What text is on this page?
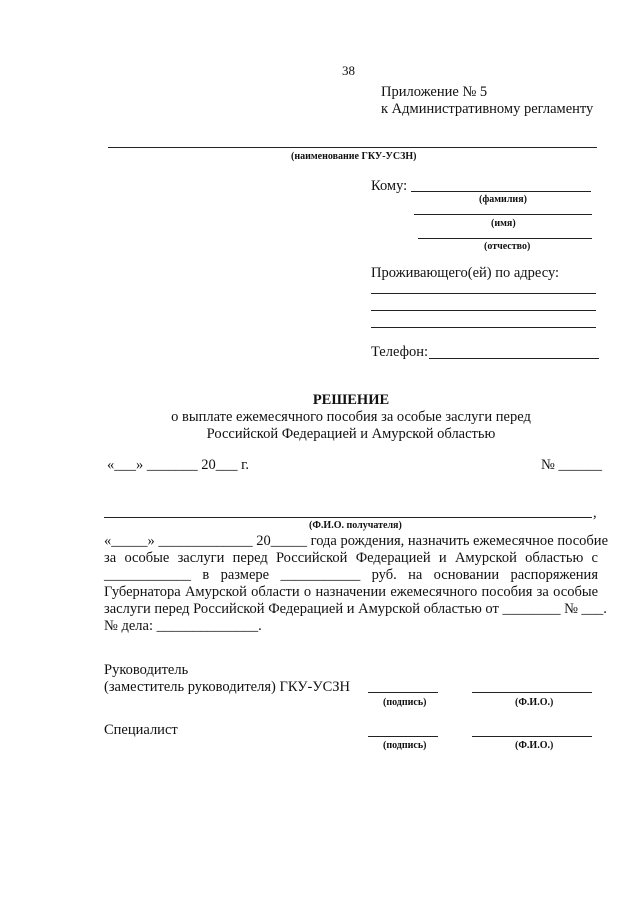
38
Приложение № 5
к Административному регламенту
(наименование ГКУ-УСЗН)
Кому:
(фамилия)
(имя)
(отчество)
Проживающего(ей) по адресу:
Телефон:
РЕШЕНИЕ
о выплате ежемесячного пособия за особые заслуги перед
Российской Федерацией и Амурской областью
«___» _______ 20___ г.	№ ______
,
(Ф.И.О. получателя)
«_____» _____________ 20_____ года рождения, назначить ежемесячное пособие
за особые заслуги перед Российской Федерацией и Амурской областью с
____________ в размере ___________ руб. на основании распоряжения
Губернатора Амурской области о назначении ежемесячного пособия за особые
заслуги перед Российской Федерацией и Амурской областью от ________ № ___.
№ дела: ______________.
Руководитель
(заместитель руководителя) ГКУ-УСЗН
(подпись)	(Ф.И.О.)
Специалист
(подпись)	(Ф.И.О.)
